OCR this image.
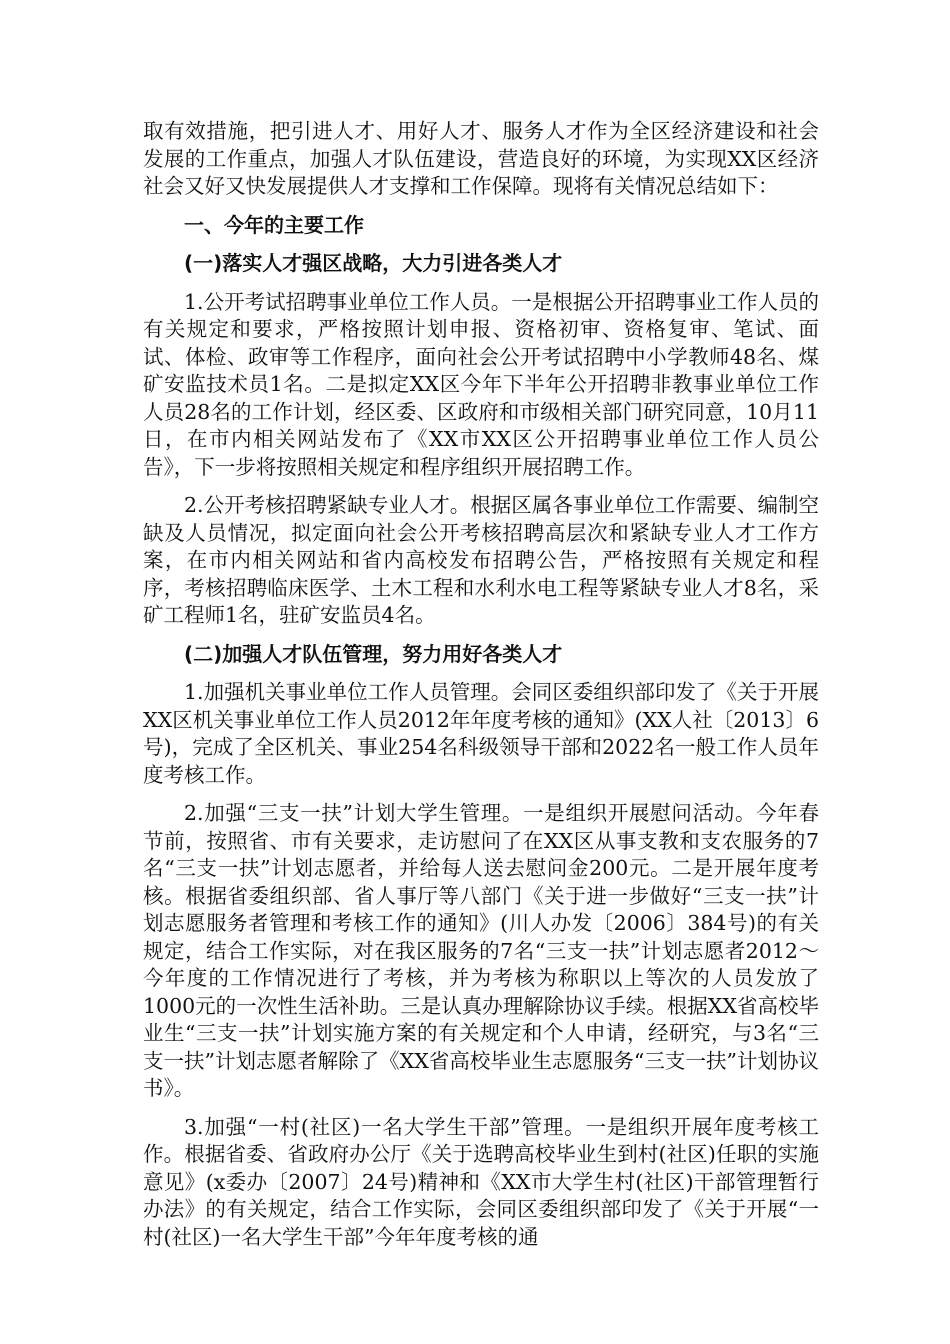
取有效措施，把引进人才、用好人才、服务人才作为全区经济建设和社会发展的工作重点，加强人才队伍建设，营造良好的环境，为实现XX区经济社会又好又快发展提供人才支撑和工作保障。现将有关情况总结如下：

一、今年的主要工作

(一)落实人才强区战略，大力引进各类人才

1.公开考试招聘事业单位工作人员。一是根据公开招聘事业工作人员的有关规定和要求，严格按照计划申报、资格初审、资格复审、笔试、面试、体检、政审等工作程序，面向社会公开考试招聘中小学教师48名、煤矿安监技术员1名。二是拟定XX区今年下半年公开招聘非教事业单位工作人员28名的工作计划，经区委、区政府和市级相关部门研究同意，10月11日，在市内相关网站发布了《XX市XX区公开招聘事业单位工作人员公告》，下一步将按照相关规定和程序组织开展招聘工作。

2.公开考核招聘紧缺专业人才。根据区属各事业单位工作需要、编制空缺及人员情况，拟定面向社会公开考核招聘高层次和紧缺专业人才工作方案，在市内相关网站和省内高校发布招聘公告，严格按照有关规定和程序，考核招聘临床医学、土木工程和水利水电工程等紧缺专业人才8名，采矿工程师1名，驻矿安监员4名。

(二)加强人才队伍管理，努力用好各类人才

1.加强机关事业单位工作人员管理。会同区委组织部印发了《关于开展XX区机关事业单位工作人员2012年年度考核的通知》(XX人社〔2013〕6号)，完成了全区机关、事业254名科级领导干部和2022名一般工作人员年度考核工作。

2.加强“三支一扶”计划大学生管理。一是组织开展慰问活动。今年春节前，按照省、市有关要求，走访慰问了在XX区从事支教和支农服务的7名“三支一扶”计划志愿者，并给每人送去慰问金200元。二是开展年度考核。根据省委组织部、省人事厅等八部门《关于进一步做好“三支一扶”计划志愿服务者管理和考核工作的通知》(川人办发〔2006〕384号)的有关规定，结合工作实际，对在我区服务的7名“三支一扶”计划志愿者2012～今年度的工作情况进行了考核，并为考核为称职以上等次的人员发放了1000元的一次性生活补助。三是认真办理解除协议手续。根据XX省高校毕业生“三支一扶”计划实施方案的有关规定和个人申请，经研究，与3名“三支一扶”计划志愿者解除了《XX省高校毕业生志愿服务“三支一扶”计划协议书》。

3.加强“一村(社区)一名大学生干部”管理。一是组织开展年度考核工作。根据省委、省政府办公厅《关于选聘高校毕业生到村(社区)任职的实施意见》(x委办〔2007〕24号)精神和《XX市大学生村(社区)干部管理暂行办法》的有关规定，结合工作实际，会同区委组织部印发了《关于开展“一村(社区)一名大学生干部”今年年度考核的通
